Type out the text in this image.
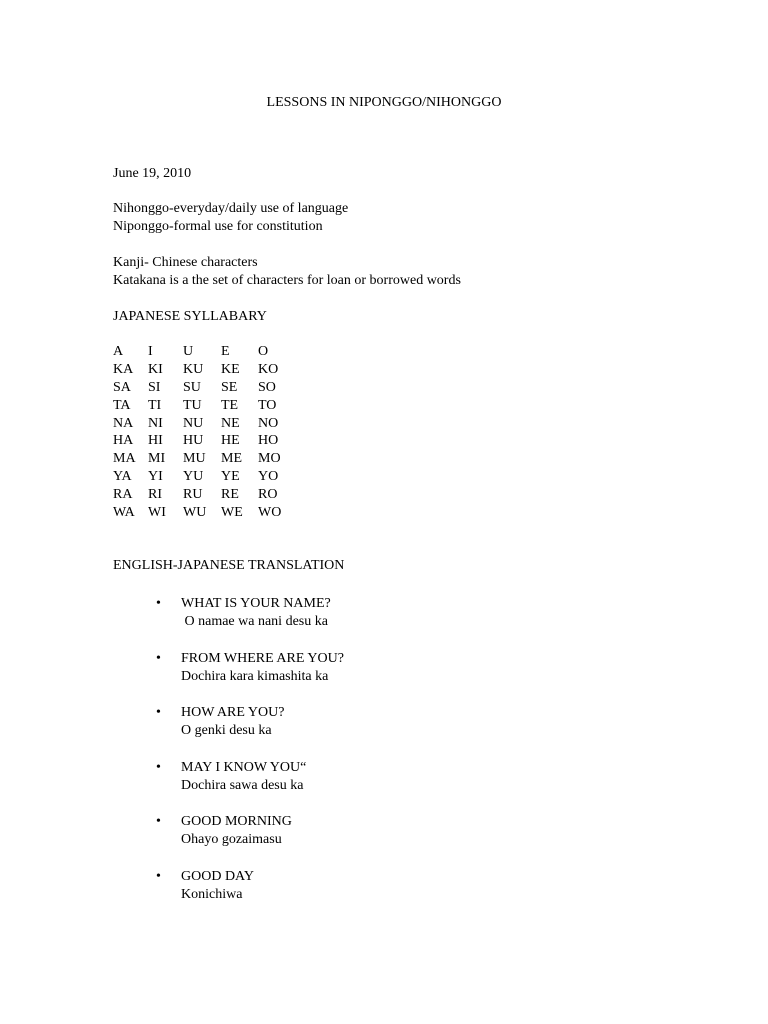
LESSONS IN NIPONGGO/NIHONGGO
June 19, 2010
Nihonggo-everyday/daily use of language
Niponggo-formal use for constitution
Kanji- Chinese characters
Katakana is a the set of characters for loan or borrowed words
JAPANESE SYLLABARY
A I U E O
KA KI KU KE KO
SA SI SU SE SO
TA TI TU TE TO
NA NI NU NE NO
HA HI HU HE HO
MA MI MU ME MO
YA YI YU YE YO
RA RI RU RE RO
WA WI WU WE WO
ENGLISH-JAPANESE TRANSLATION
• WHAT IS YOUR NAME?
O namae wa nani desu ka
• FROM WHERE ARE YOU?
Dochira kara kimashita ka
• HOW ARE YOU?
O genki desu ka
• MAY I KNOW YOU“
Dochira sawa desu ka
• GOOD MORNING
Ohayo gozaimasu
• GOOD DAY
Konichiwa
